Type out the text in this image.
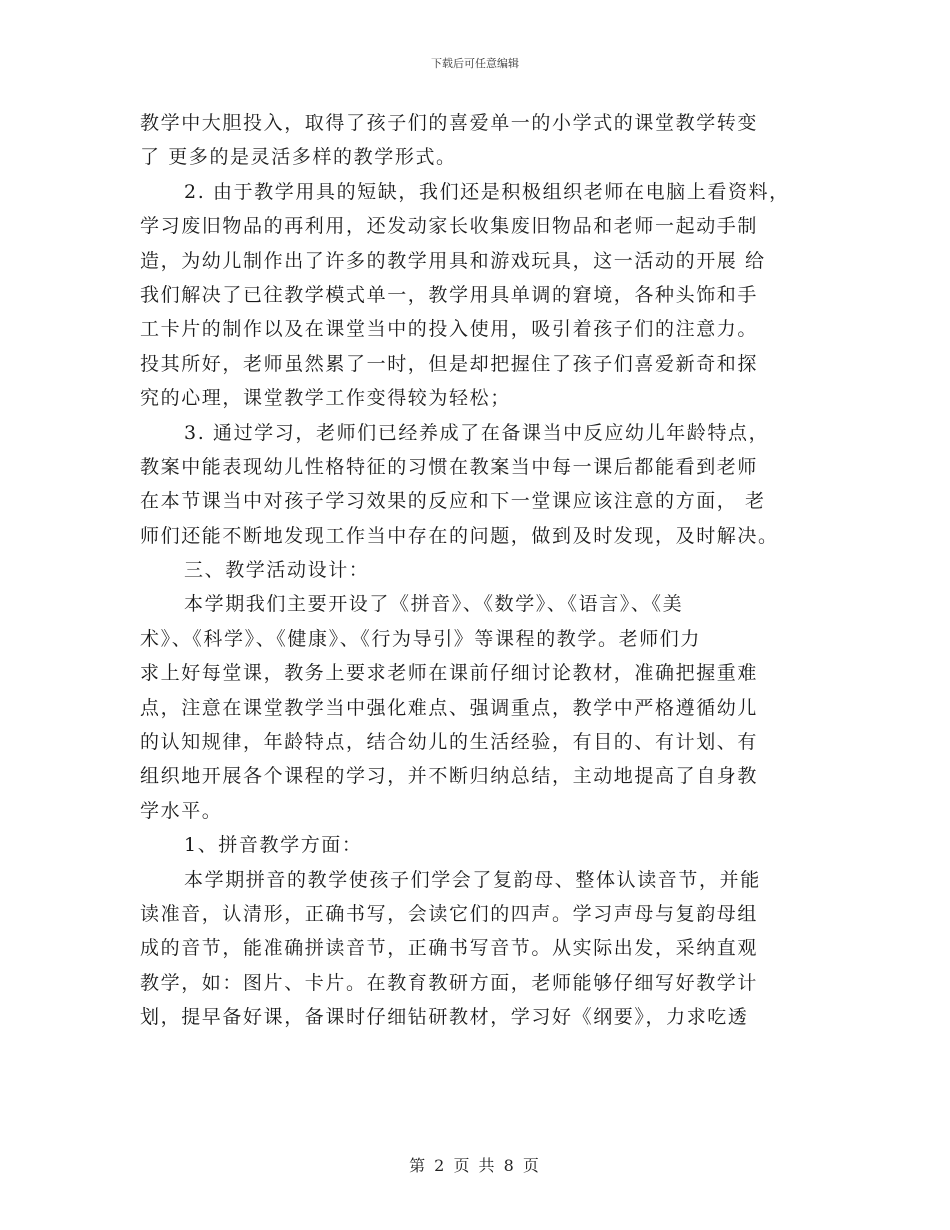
下载后可任意编辑
教学中大胆投入，取得了孩子们的喜爱单一的小学式的课堂教学转变
了 更多的是灵活多样的教学形式。
2. 由于教学用具的短缺，我们还是积极组织老师在电脑上看资料，
学习废旧物品的再利用，还发动家长收集废旧物品和老师一起动手制
造，为幼儿制作出了许多的教学用具和游戏玩具，这一活动的开展 给
我们解决了已往教学模式单一，教学用具单调的窘境，各种头饰和手
工卡片的制作以及在课堂当中的投入使用，吸引着孩子们的注意力。
投其所好，老师虽然累了一时，但是却把握住了孩子们喜爱新奇和探
究的心理，课堂教学工作变得较为轻松；
3. 通过学习，老师们已经养成了在备课当中反应幼儿年龄特点，
教案中能表现幼儿性格特征的习惯在教案当中每一课后都能看到老师
在本节课当中对孩子学习效果的反应和下一堂课应该注意的方面， 老
师们还能不断地发现工作当中存在的问题，做到及时发现，及时解决。
三、教学活动设计：
本学期我们主要开设了《拼音》、《数学》、《语言》、《美
术》、《科学》、《健康》、《行为导引》等课程的教学。老师们力
求上好每堂课，教务上要求老师在课前仔细讨论教材，准确把握重难
点，注意在课堂教学当中强化难点、强调重点，教学中严格遵循幼儿
的认知规律，年龄特点，结合幼儿的生活经验，有目的、有计划、有
组织地开展各个课程的学习，并不断归纳总结，主动地提高了自身教
学水平。
1、拼音教学方面：
本学期拼音的教学使孩子们学会了复韵母、整体认读音节，并能
读准音，认清形，正确书写，会读它们的四声。学习声母与复韵母组
成的音节，能准确拼读音节，正确书写音节。从实际出发，采纳直观
教学，如：图片、卡片。在教育教研方面，老师能够仔细写好教学计
划，提早备好课，备课时仔细钻研教材，学习好《纲要》，力求吃透
第 2 页 共 8 页
